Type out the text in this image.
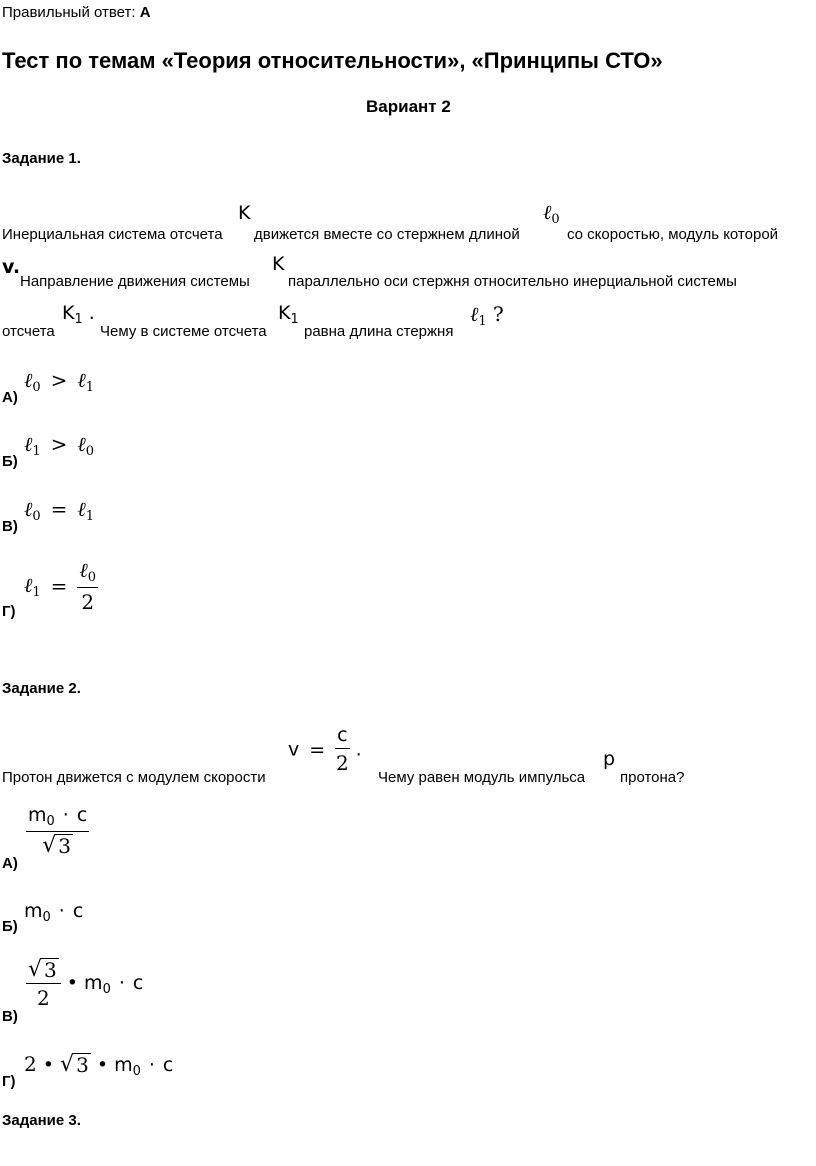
Правильный ответ: А
Тест по темам «Теория относительности», «Принципы СТО»
Вариант 2
Задание 1.
Инерциальная система отсчета
K
движется вместе со стержнем длиной
ℓ$_0$
со скоростью, модуль которой
v.
Направление движения системы
K
параллельно оси стержня относительно инерциальной системы
отсчета
$K_1$ .
Чему в системе отсчета
$K_1$
равна длина стержня
ℓ$_1$ ?
А)
ℓ$_0$ > ℓ$_1$
Б)
ℓ$_1$ > ℓ$_0$
В)
ℓ$_0$ = ℓ$_1$
Г)
ℓ$_1$ = $\frac{\ell_0}{2}$
Задание 2.
Протон движется с модулем скорости
$v = \frac{c}{2}$ .
Чему равен модуль импульса
p
протона?
А)
$\frac{m_0 \cdot c}{√ 3}$
Б)
$m_0 \cdot c$
В)
$\frac{√ 3}{2}$ • $m_0 \cdot c$
Г)
2 • √ 3 • $m_0 \cdot c$
Задание 3.
